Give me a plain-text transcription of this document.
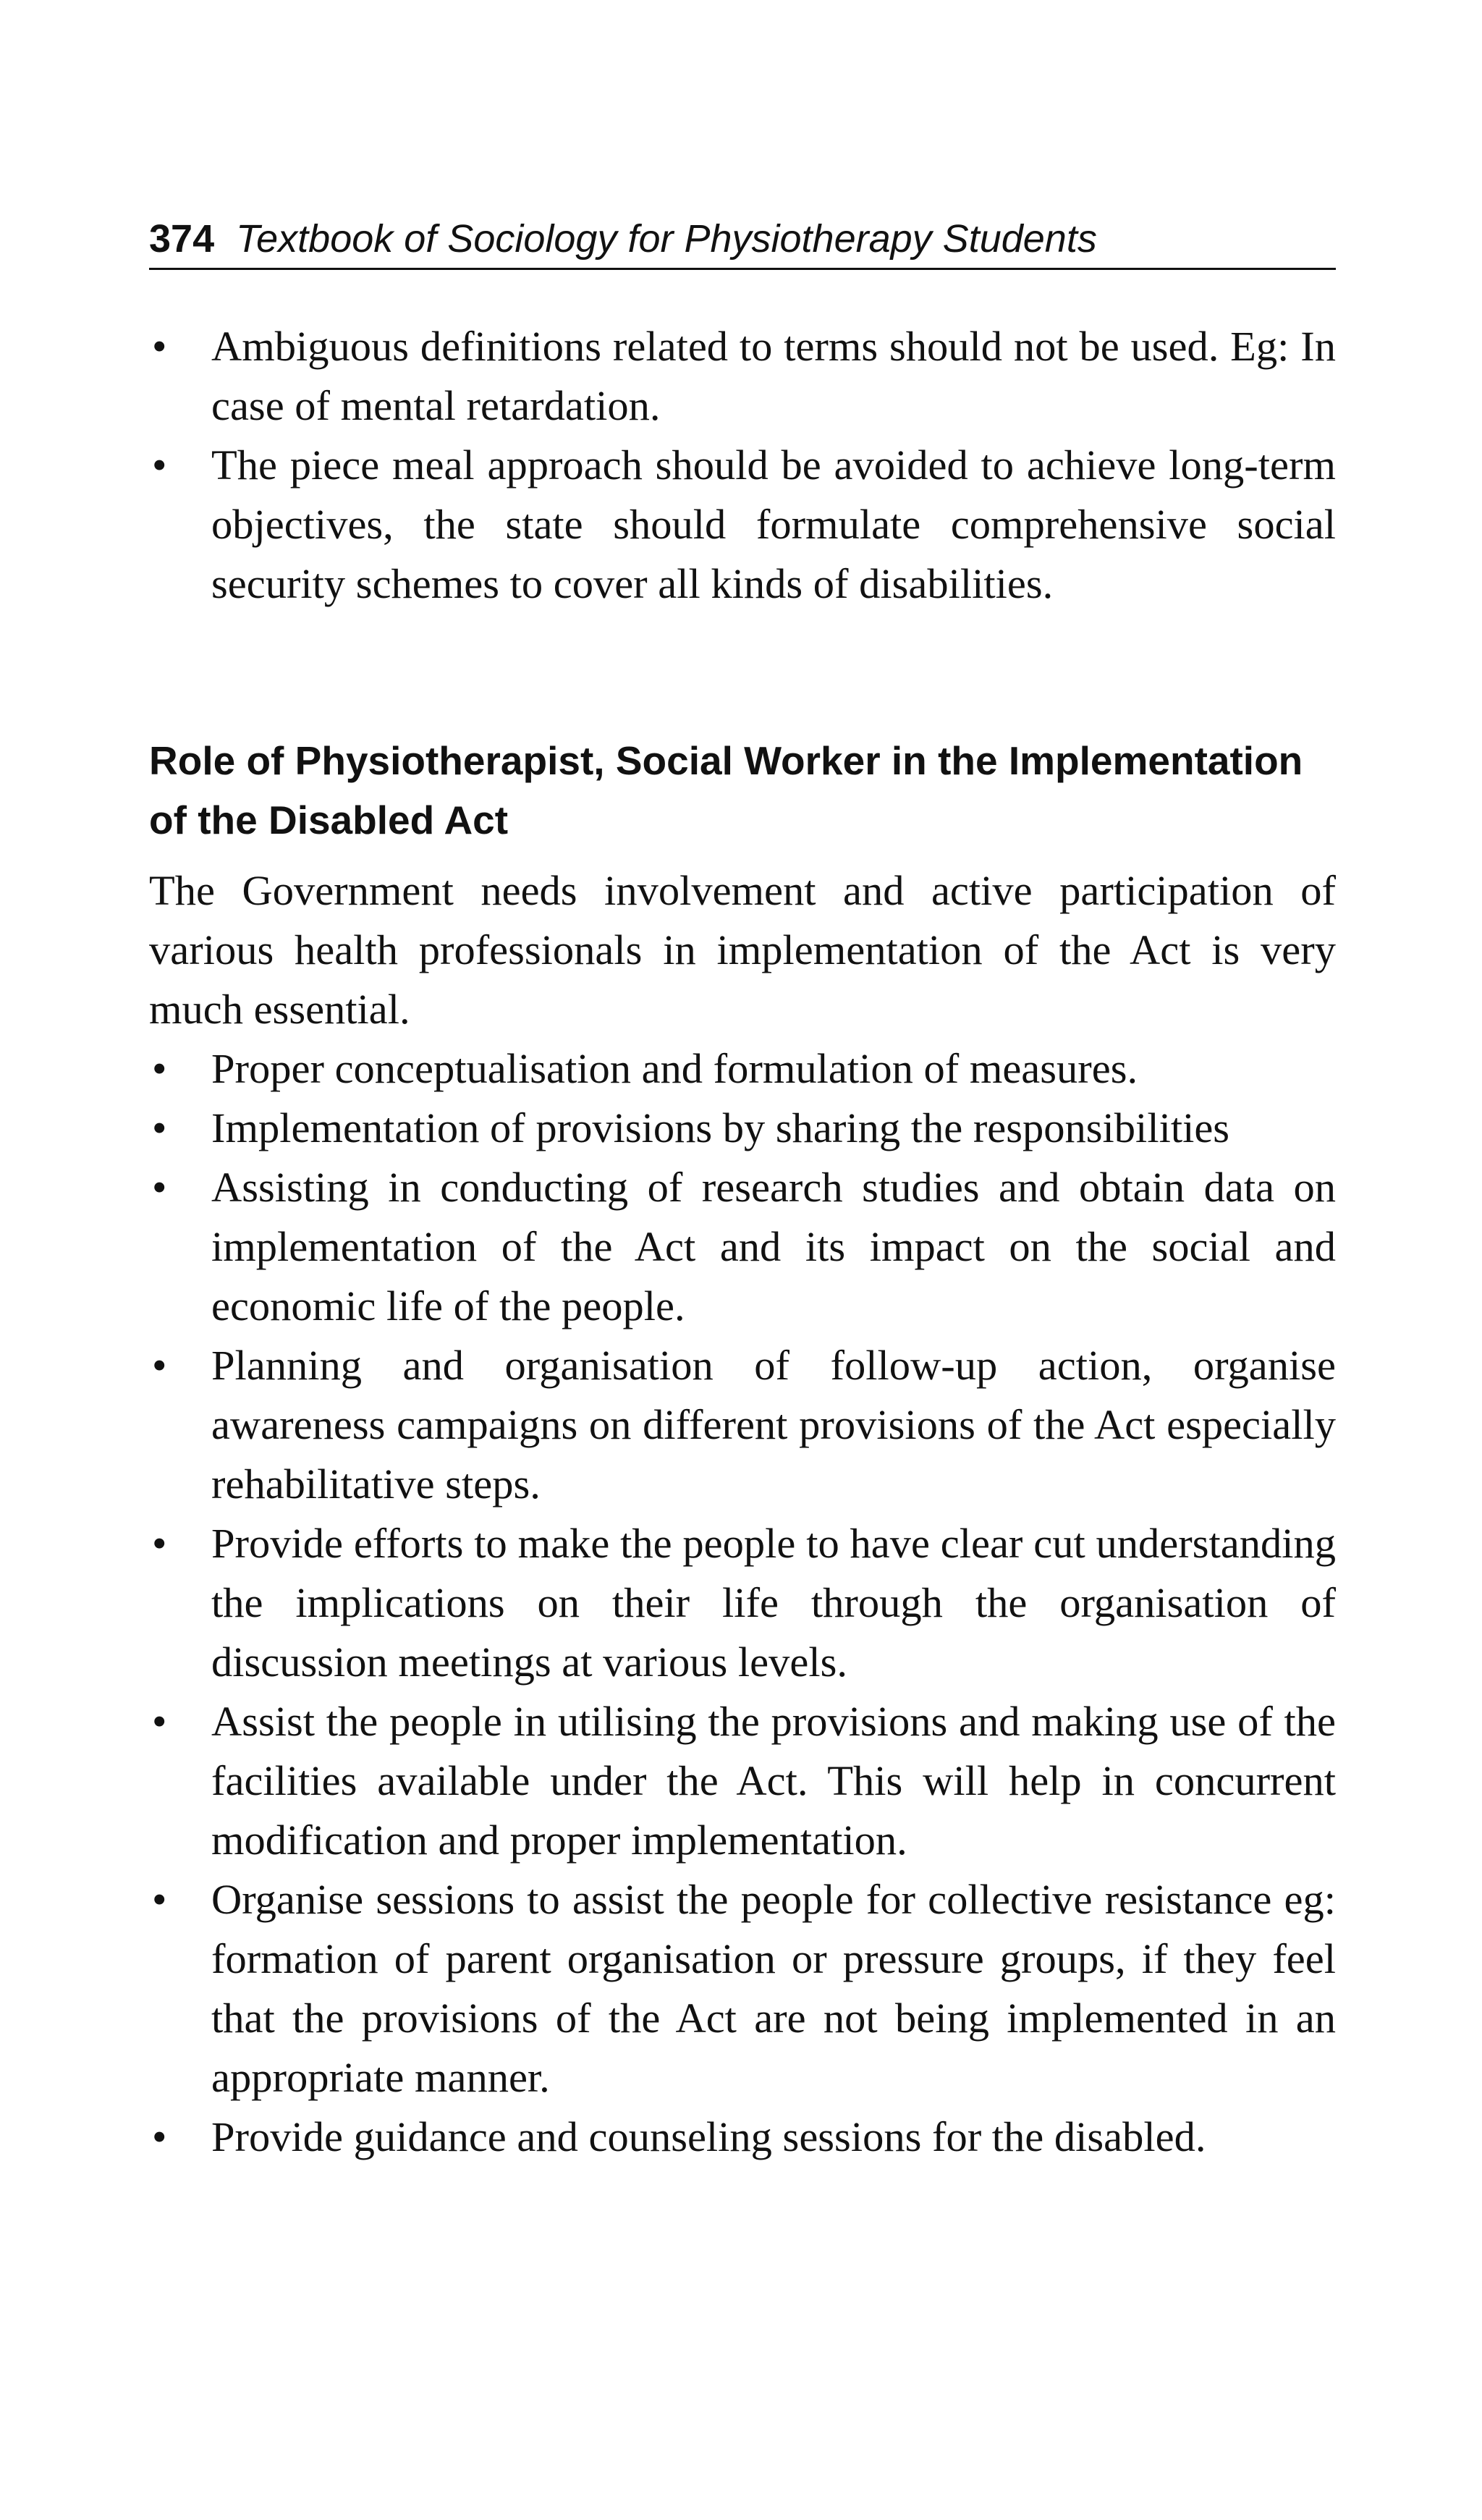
374 Textbook of Sociology for Physiotherapy Students
•	Ambiguous definitions related to terms should not be used. Eg: In case of mental retardation.
•	The piece meal approach should be avoided to achieve long-term objectives, the state should formulate comprehensive social security schemes to cover all kinds of disabilities.
Role of Physiotherapist, Social Worker in the Implementation of the Disabled Act

The Government needs involvement and active participation of various health professionals in implementation of the Act is very much essential.

•	Proper conceptualisation and formulation of measures.
•	Implementation of provisions by sharing the responsibilities
•	Assisting in conducting of research studies and obtain data on implementation of the Act and its impact on the social and economic life of the people.
•	Planning and organisation of follow-up action, organise awareness campaigns on different provisions of the Act especially rehabilitative steps.
•	Provide efforts to make the people to have clear cut understanding the implications on their life through the organisation of discussion meetings at various levels.
•	Assist the people in utilising the provisions and making use of the facilities available under the Act. This will help in concurrent modification and proper implementation.
•	Organise sessions to assist the people for collective resistance eg: formation of parent organisation or pressure groups, if they feel that the provisions of the Act are not being implemented in an appropriate manner.
•	Provide guidance and counseling sessions for the disabled.
